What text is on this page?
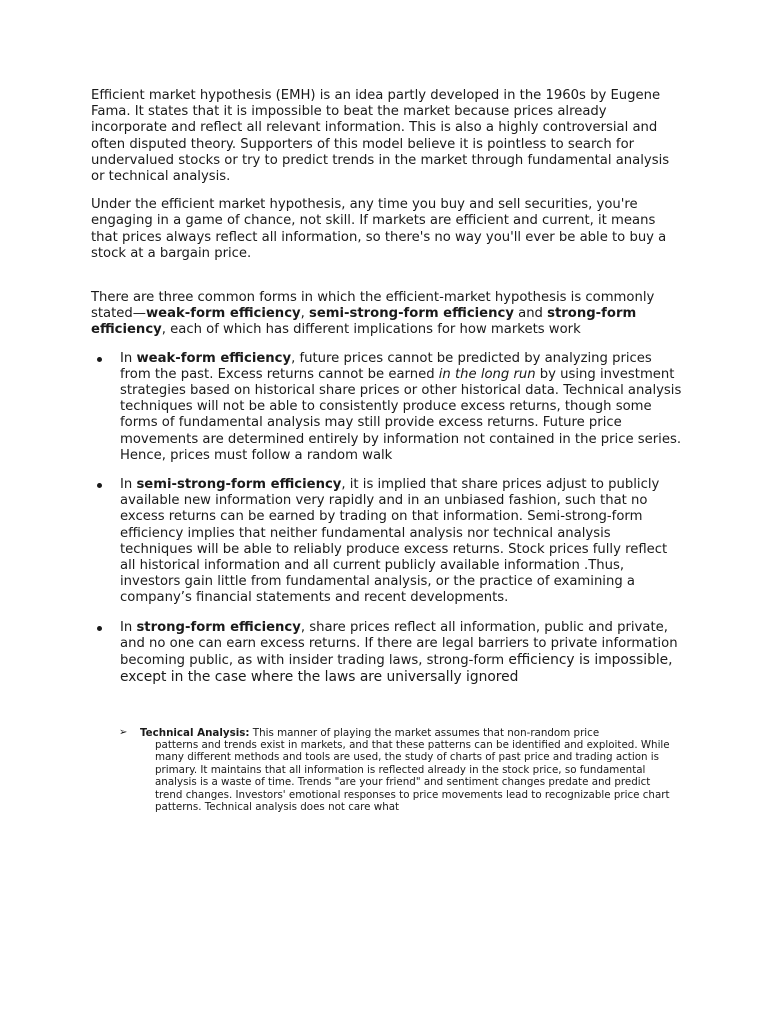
Efficient market hypothesis (EMH) is an idea partly developed in the 1960s by Eugene Fama. It states that it is impossible to beat the market because prices already incorporate and reflect all relevant information. This is also a highly controversial and often disputed theory. Supporters of this model believe it is pointless to search for undervalued stocks or try to predict trends in the market through fundamental analysis or technical analysis.

Under the efficient market hypothesis, any time you buy and sell securities, you're engaging in a game of chance, not skill. If markets are efficient and current, it means that prices always reflect all information, so there's no way you'll ever be able to buy a stock at a bargain price.

There are three common forms in which the efficient-market hypothesis is commonly stated—weak-form efficiency, semi-strong-form efficiency and strong-form efficiency, each of which has different implications for how markets work

In weak-form efficiency, future prices cannot be predicted by analyzing prices from the past. Excess returns cannot be earned in the long run by using investment strategies based on historical share prices or other historical data. Technical analysis techniques will not be able to consistently produce excess returns, though some forms of fundamental analysis may still provide excess returns. Future price movements are determined entirely by information not contained in the price series. Hence, prices must follow a random walk
In semi-strong-form efficiency, it is implied that share prices adjust to publicly available new information very rapidly and in an unbiased fashion, such that no excess returns can be earned by trading on that information. Semi-strong-form efficiency implies that neither fundamental analysis nor technical analysis techniques will be able to reliably produce excess returns. Stock prices fully reflect all historical information and all current publicly available information .Thus, investors gain little from fundamental analysis, or the practice of examining a company’s financial statements and recent developments.
In strong-form efficiency, share prices reflect all information, public and private, and no one can earn excess returns. If there are legal barriers to private information becoming public, as with insider trading laws, strong-form efficiency is impossible, except in the case where the laws are universally ignored
➢ Technical Analysis: This manner of playing the market assumes that non-random price
patterns and trends exist in markets, and that these patterns can be identified and exploited. While many different methods and tools are used, the study of charts of past price and trading action is primary. It maintains that all information is reflected already in the stock price, so fundamental analysis is a waste of time. Trends "are your friend" and sentiment changes predate and predict trend changes. Investors' emotional responses to price movements lead to recognizable price chart patterns. Technical analysis does not care what
